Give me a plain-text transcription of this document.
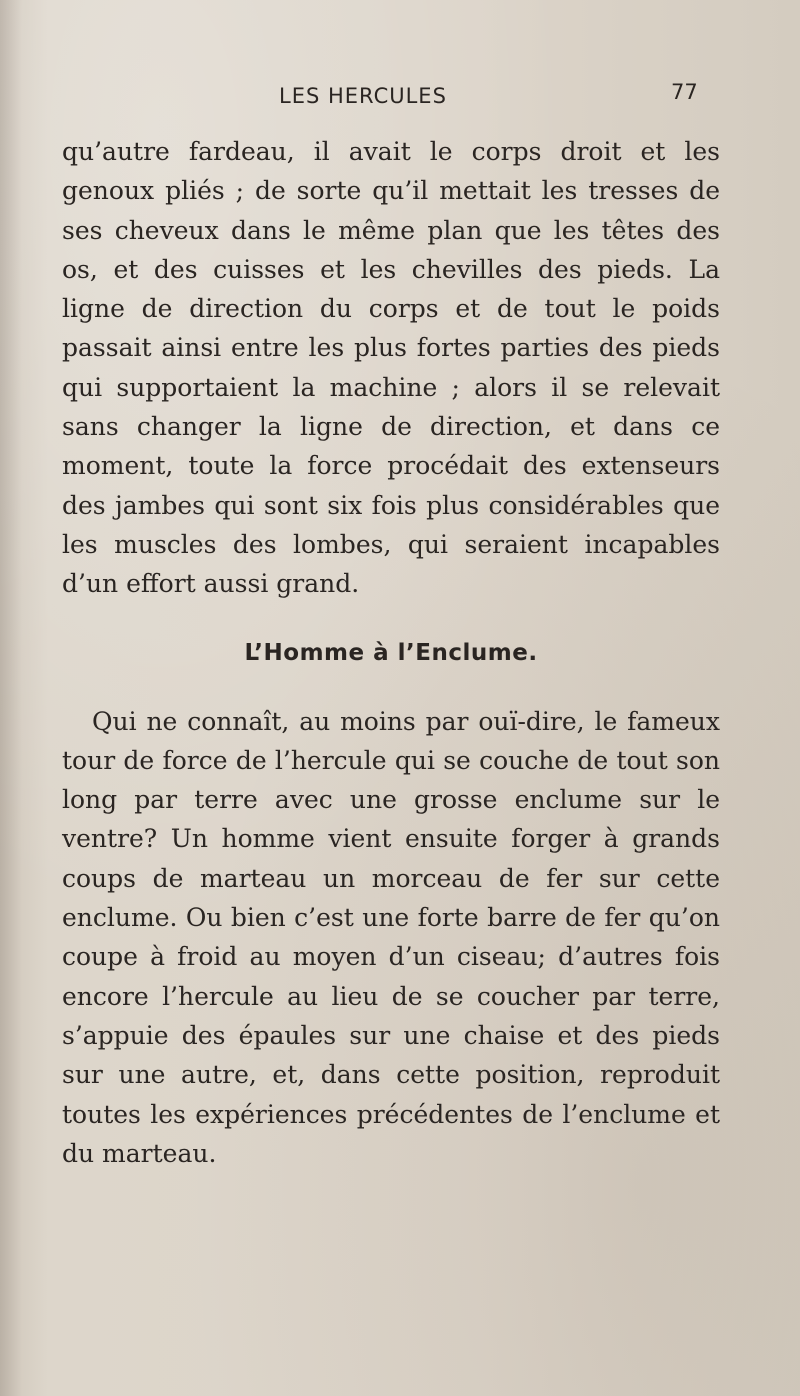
LES HERCULES	77

qu’autre fardeau, il avait le corps droit et les genoux pliés ; de sorte qu’il mettait les tresses de ses cheveux dans le même plan que les têtes des os, et des cuisses et les chevilles des pieds. La ligne de direction du corps et de tout le poids passait ainsi entre les plus fortes parties des pieds qui supportaient la machine ; alors il se relevait sans changer la ligne de direction, et dans ce moment, toute la force procédait des extenseurs des jambes qui sont six fois plus considérables que les muscles des lombes, qui seraient incapables d’un effort aussi grand.

L’Homme à l’Enclume.

Qui ne connaît, au moins par ouï-dire, le fameux tour de force de l’hercule qui se couche de tout son long par terre avec une grosse enclume sur le ventre? Un homme vient ensuite forger à grands coups de marteau un morceau de fer sur cette enclume. Ou bien c’est une forte barre de fer qu’on coupe à froid au moyen d’un ciseau; d’autres fois encore l’hercule au lieu de se coucher par terre, s’appuie des épaules sur une chaise et des pieds sur une autre, et, dans cette position, reproduit toutes les expériences précédentes de l’enclume et du marteau.
